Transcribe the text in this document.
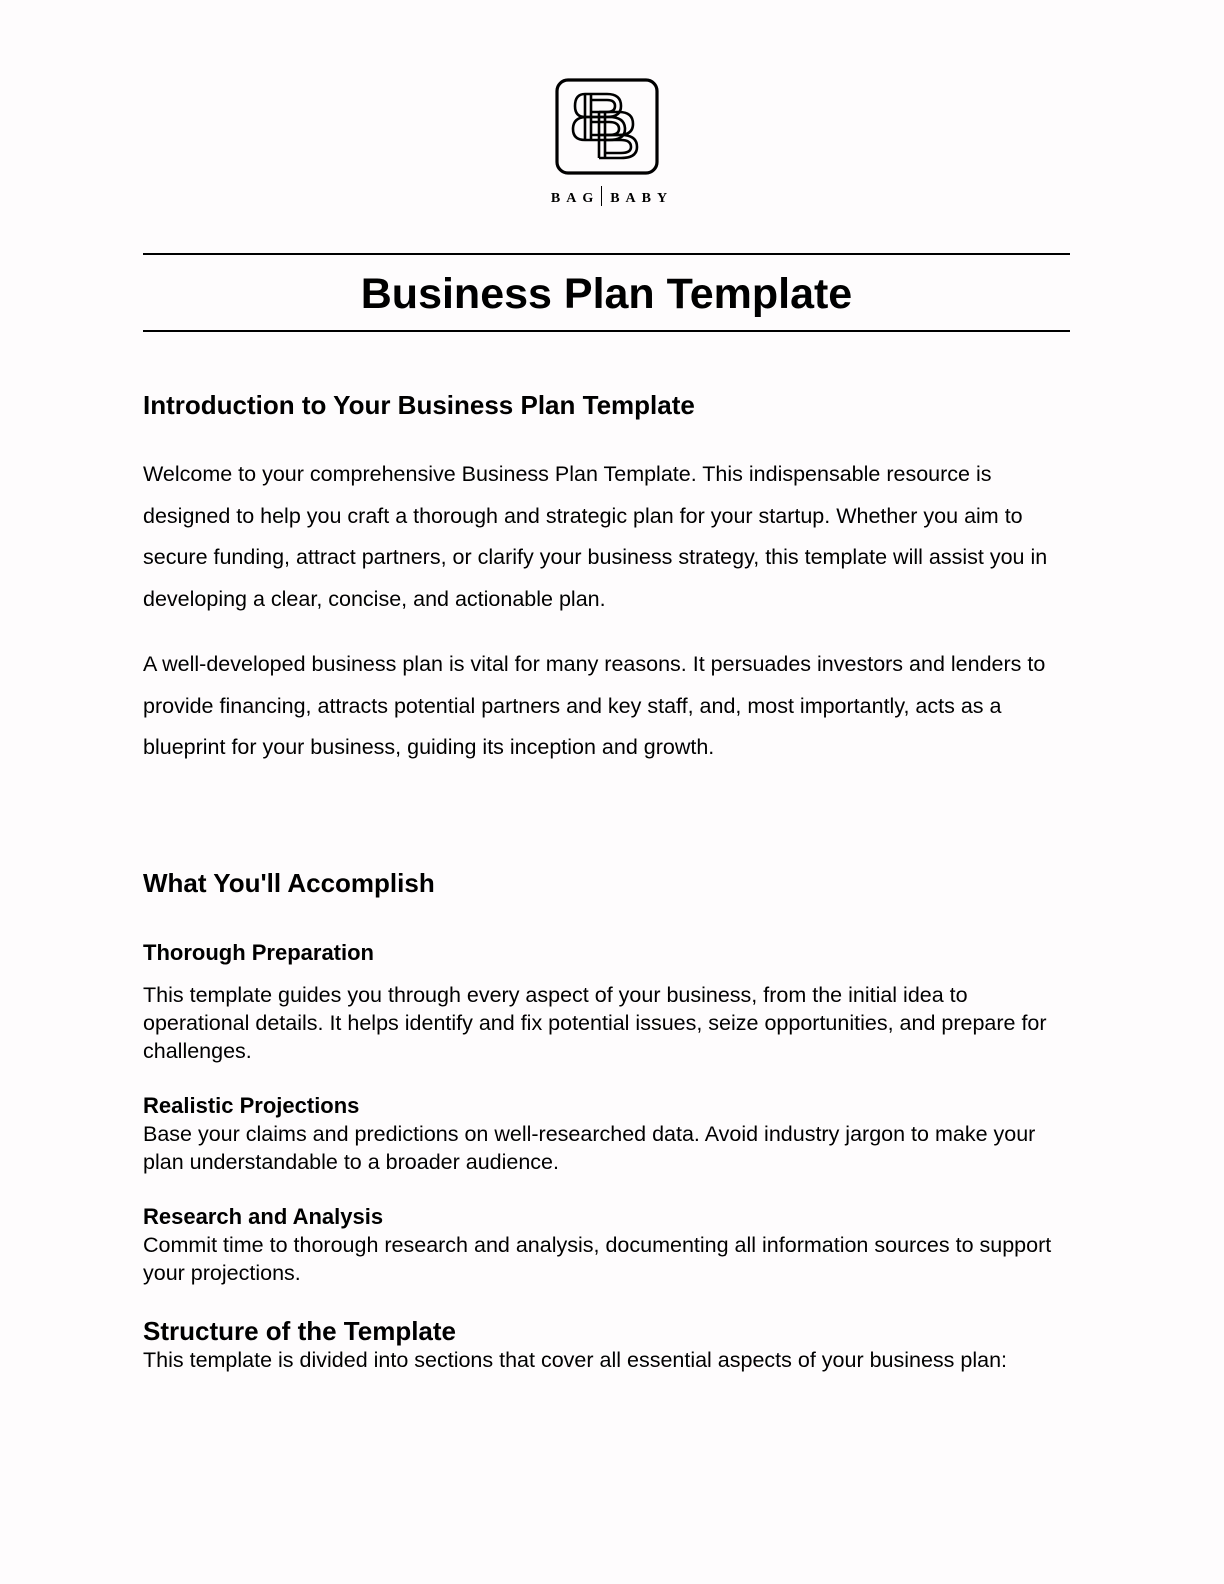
BAG BABY
Business Plan Template
Introduction to Your Business Plan Template
Welcome to your comprehensive Business Plan Template. This indispensable resource is designed to help you craft a thorough and strategic plan for your startup. Whether you aim to secure funding, attract partners, or clarify your business strategy, this template will assist you in developing a clear, concise, and actionable plan.
A well-developed business plan is vital for many reasons. It persuades investors and lenders to provide financing, attracts potential partners and key staff, and, most importantly, acts as a blueprint for your business, guiding its inception and growth.
What You'll Accomplish
Thorough Preparation
This template guides you through every aspect of your business, from the initial idea to operational details. It helps identify and fix potential issues, seize opportunities, and prepare for challenges.
Realistic Projections
Base your claims and predictions on well-researched data. Avoid industry jargon to make your plan understandable to a broader audience.
Research and Analysis
Commit time to thorough research and analysis, documenting all information sources to support your projections.
Structure of the Template
This template is divided into sections that cover all essential aspects of your business plan:
